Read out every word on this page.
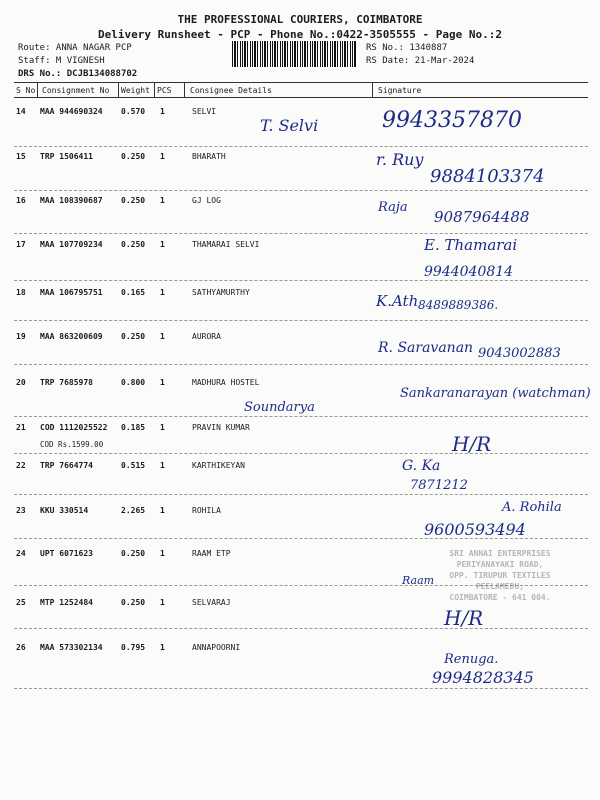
THE PROFESSIONAL COURIERS, COIMBATORE
Delivery Runsheet - PCP - Phone No.:0422-3505555 - Page No.:2
Route: ANNA NAGAR PCP
Staff: M VIGNESH
DRS No.: DCJB134088702
RS No.: 1340887
RS Date: 21-Mar-2024
S No Consignment No Weight PCS Consignee Details	Signature
14 MAA 944690324 0.570 1	SELVI
T. Selvi	9943357870
15 TRP 1506411	0.250 1	BHARATH	r. Ruy
9884103374
16 MAA 108390687 0.250 1	GJ LOG	Raja
9087964488
17 MAA 107709234 0.250 1	THAMARAI SELVI	E. Thamarai
9944040814
18 MAA 106795751 0.165 1	SATHYAMURTHY	K.Ath 8489889386.
19 MAA 863200609 0.250 1	AURORA
R. Saravanan 9043002883
20 TRP 7685978	0.800 1	MADHURA HOSTEL
Soundarya
Sankaranarayan (watchman)
21 COD 1112025522 0.185 1	PRAVIN KUMAR
COD Rs.1599.00	H/R
22 TRP 7664774	0.515 1	KARTHIKEYAN	G. Ka
7871212
23 KKU 330514	2.265 1	ROHILA	A. Rohila
9600593494
24 UPT 6071623	0.250 1	RAAM ETP
Raam
25 MTP 1252484	0.250 1	SELVARAJ
H/R
26 MAA 573302134 0.795 1	ANNAPOORNI
Renuga.
9994828345
SRI ANNAI ENTERPRISES
PERIYANAYAKI ROAD,
OPP. TIRUPUR TEXTILES
PEELAMEDU,
COIMBATORE - 641 004.
